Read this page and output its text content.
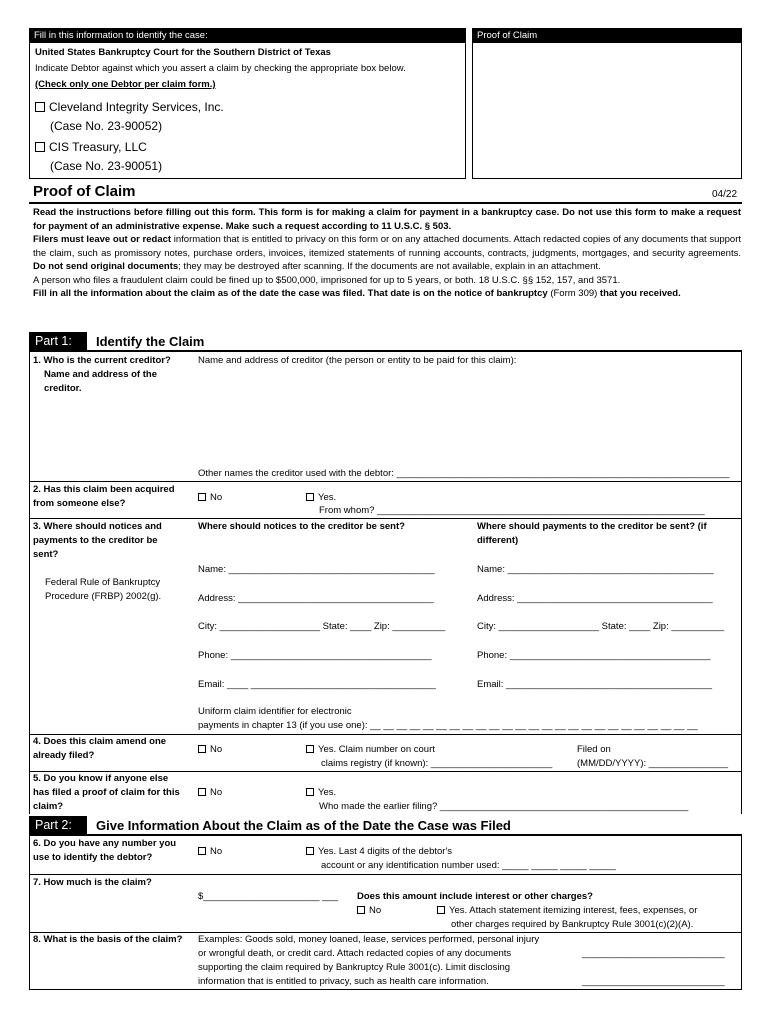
Fill in this information to identify the case:
United States Bankruptcy Court for the Southern District of Texas
Indicate Debtor against which you assert a claim by checking the appropriate box below.
(Check only one Debtor per claim form.)
Cleveland Integrity Services, Inc.
(Case No. 23-90052)
CIS Treasury, LLC
(Case No. 23-90051)
Proof of Claim
Proof of Claim	04/22

Read the instructions before filling out this form. This form is for making a claim for payment in a bankruptcy case. Do not use this form to make a request for payment of an administrative expense. Make such a request according to 11 U.S.C. § 503.

Filers must leave out or redact information that is entitled to privacy on this form or on any attached documents. Attach redacted copies of any documents that support the claim, such as promissory notes, purchase orders, invoices, itemized statements of running accounts, contracts, judgments, mortgages, and security agreements. Do not send original documents; they may be destroyed after scanning. If the documents are not available, explain in an attachment.

A person who files a fraudulent claim could be fined up to $500,000, imprisoned for up to 5 years, or both. 18 U.S.C. §§ 152, 157, and 3571.

Fill in all the information about the claim as of the date the case was filed. That date is on the notice of bankruptcy (Form 309) that you received.

Part 1:	Identify the Claim
1. Who is the current creditor?
Name and address of the creditor.
Name and address of creditor (the person or entity to be paid for this claim):
Other names the creditor used with the debtor: _______________________________________________________________
2. Has this claim been acquired from someone else?
No	Yes.
From whom? ______________________________________________________________
3. Where should notices and payments to the creditor be sent?
Federal Rule of Bankruptcy Procedure (FRBP) 2002(g).
Where should notices to the creditor be sent?	Where should payments to the creditor be sent? (if different)
Name: _______________________________________	Name: _______________________________________
Address: _____________________________________	Address: _____________________________________
City: ___________________ State: ____ Zip: __________	City: ___________________ State: ____ Zip: __________
Phone: ______________________________________	Phone: ______________________________________
Email: ____ ___________________________________	Email: _______________________________________
Uniform claim identifier for electronic
payments in chapter 13 (if you use one): __ __ __ __ __ __ __ __ __ __ __ __ __ __ __ __ __ __ __ __ __ __ __ __ __
4. Does this claim amend one already filed?
No	Yes. Claim number on court
claims registry (if known): _______________________
Filed on
(MM/DD/YYYY): _______________
5. Do you know if anyone else has filed a proof of claim for this claim?
No	Yes.
Who made the earlier filing? _______________________________________________
Part 2:	Give Information About the Claim as of the Date the Case was Filed
6. Do you have any number you use to identify the debtor?
No	Yes. Last 4 digits of the debtor's
account or any identification number used: _____ _____ _____ _____
7. How much is the claim?
$______________________ ___ Does this amount include interest or other charges?
No	Yes. Attach statement itemizing interest, fees, expenses, or
other charges required by Bankruptcy Rule 3001(c)(2)(A).
8. What is the basis of the claim? Examples: Goods sold, money loaned, lease, services performed, personal injury
or wrongful death, or credit card. Attach redacted copies of any documents
supporting the claim required by Bankruptcy Rule 3001(c). Limit disclosing
information that is entitled to privacy, such as health care information.
___________________________
___________________________
